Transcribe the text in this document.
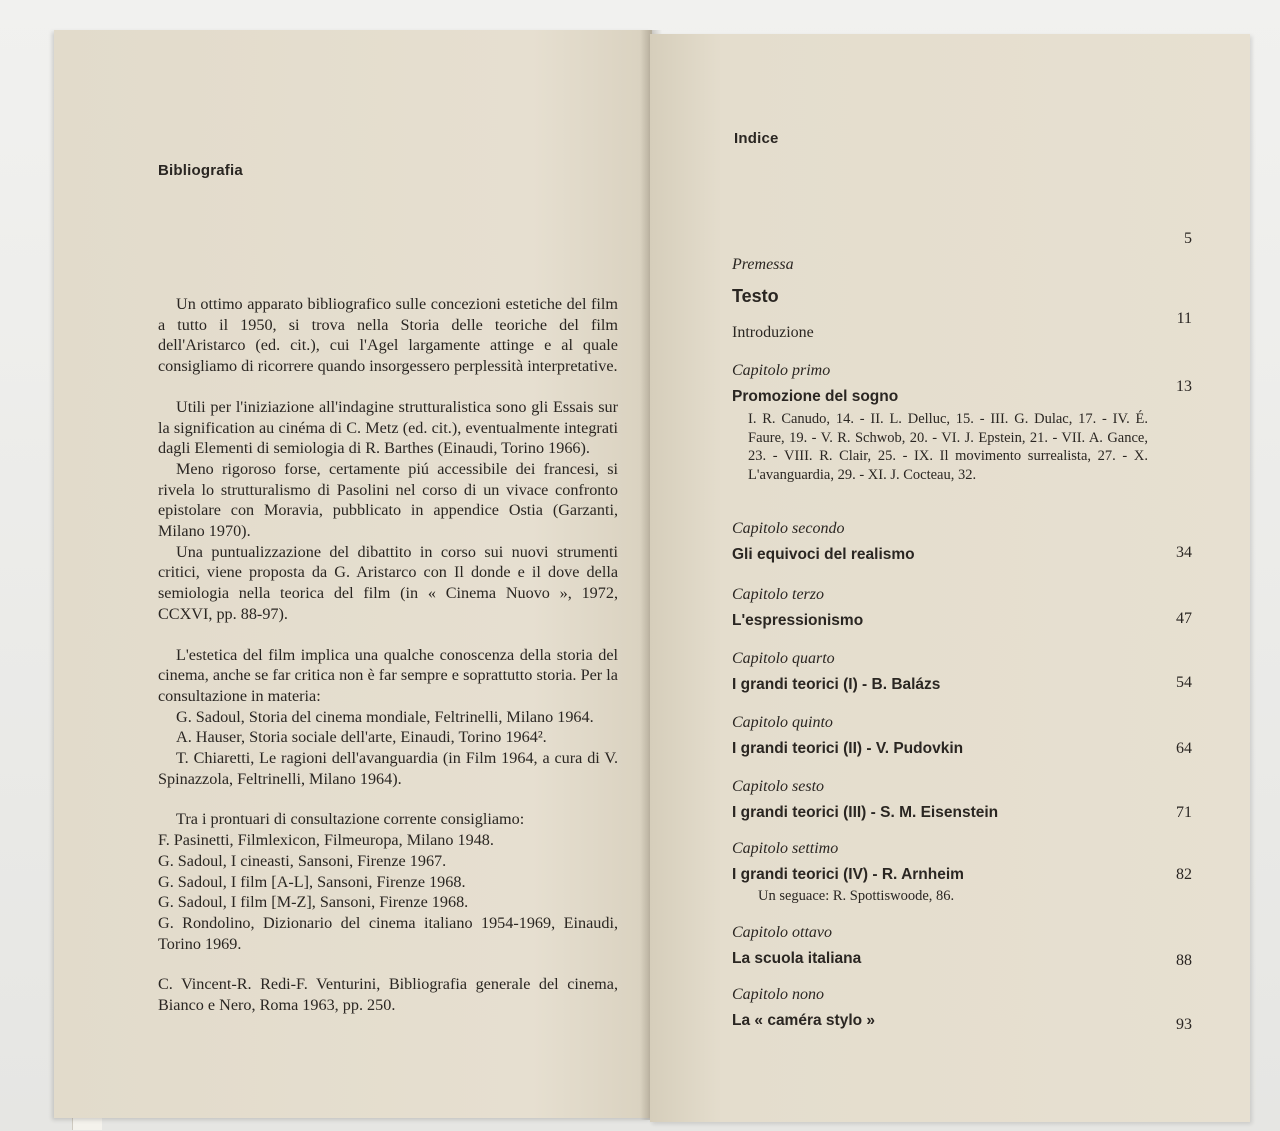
Bibliografia

Un ottimo apparato bibliografico sulle concezioni estetiche del film a tutto il 1950, si trova nella Storia delle teoriche del film dell'Aristarco (ed. cit.), cui l'Agel largamente attinge e al quale consigliamo di ricorrere quando insorgessero perplessità interpretative.

Utili per l'iniziazione all'indagine strutturalistica sono gli Essais sur la signification au cinéma di C. Metz (ed. cit.), eventualmente integrati dagli Elementi di semiologia di R. Barthes (Einaudi, Torino 1966).

Meno rigoroso forse, certamente piú accessibile dei francesi, si rivela lo strutturalismo di Pasolini nel corso di un vivace confronto epistolare con Moravia, pubblicato in appendice Ostia (Garzanti, Milano 1970).

Una puntualizzazione del dibattito in corso sui nuovi strumenti critici, viene proposta da G. Aristarco con Il donde e il dove della semiologia nella teorica del film (in « Cinema Nuovo », 1972, CCXVI, pp. 88-97).

L'estetica del film implica una qualche conoscenza della storia del cinema, anche se far critica non è far sempre e soprattutto storia. Per la consultazione in materia:

G. Sadoul, Storia del cinema mondiale, Feltrinelli, Milano 1964.

A. Hauser, Storia sociale dell'arte, Einaudi, Torino 1964².

T. Chiaretti, Le ragioni dell'avanguardia (in Film 1964, a cura di V. Spinazzola, Feltrinelli, Milano 1964).

Tra i prontuari di consultazione corrente consigliamo:

F. Pasinetti, Filmlexicon, Filmeuropa, Milano 1948.

G. Sadoul, I cineasti, Sansoni, Firenze 1967.

G. Sadoul, I film [A-L], Sansoni, Firenze 1968.

G. Sadoul, I film [M-Z], Sansoni, Firenze 1968.

G. Rondolino, Dizionario del cinema italiano 1954-1969, Einaudi, Torino 1969.

C. Vincent-R. Redi-F. Venturini, Bibliografia generale del cinema, Bianco e Nero, Roma 1963, pp. 250.

Indice
5
Premessa
Testo
11
Introduzione
Capitolo primo
13
Promozione del sogno
I. R. Canudo, 14. - II. L. Delluc, 15. - III. G. Dulac, 17. - IV. É. Faure, 19. - V. R. Schwob, 20. - VI. J. Epstein, 21. - VII. A. Gance, 23. - VIII. R. Clair, 25. - IX. Il movimento surrealista, 27. - X. L'avanguardia, 29. - XI. J. Cocteau, 32.
Capitolo secondo
34
Gli equivoci del realismo
Capitolo terzo
47
L'espressionismo
Capitolo quarto
54
I grandi teorici (I) - B. Balázs
Capitolo quinto
64
I grandi teorici (II) - V. Pudovkin
Capitolo sesto
71
I grandi teorici (III) - S. M. Eisenstein
Capitolo settimo
82
I grandi teorici (IV) - R. Arnheim
Un seguace: R. Spottiswoode, 86.
Capitolo ottavo
88
La scuola italiana
Capitolo nono
93
La « caméra stylo »
